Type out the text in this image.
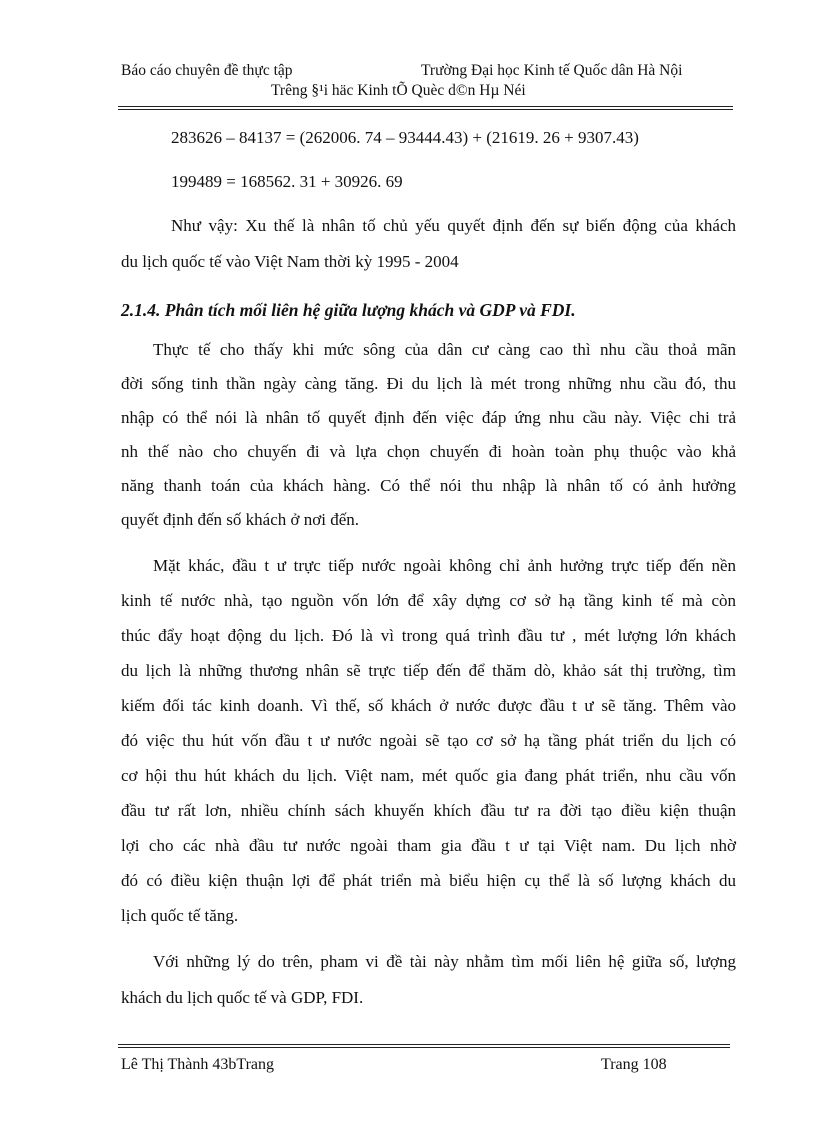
Báo cáo chuyên đề thực tập	Trường Đại học Kinh tế Quốc dân Hà Nội
Trêng §¹i häc Kinh tÕ Quèc d©n Hµ Néi
283626 – 84137 = (262006. 74 – 93444.43) + (21619. 26 + 9307.43)
199489 = 168562. 31 + 30926. 69
Như vậy: Xu thế là nhân tố chủ yếu quyết định đến sự biến động của khách
du lịch quốc tế vào Việt Nam thời kỳ 1995 - 2004
2.1.4. Phân tích mối liên hệ giữa lượng khách và GDP và FDI.
Thực tế cho thấy khi mức sông của dân cư càng cao thì nhu cầu thoả mãn
đời sống tinh thần ngày càng tăng. Đi du lịch là mét trong những nhu cầu đó, thu
nhập có thể nói là nhân tố quyết định đến việc đáp ứng nhu cầu này. Việc chi trả
nh thế nào cho chuyến đi và lựa chọn chuyến đi hoàn toàn phụ thuộc vào khả
năng thanh toán của khách hàng. Có thể nói thu nhập là nhân tố có ảnh hưởng
quyết định đến số khách ở nơi đến.
Mặt khác, đầu t ư trực tiếp nước ngoài không chỉ ảnh hưởng trực tiếp đến nền
kinh tế nước nhà, tạo nguồn vốn lớn để xây dựng cơ sở hạ tầng kinh tế mà còn
thúc đẩy hoạt động du lịch. Đó là vì trong quá trình đầu tư , mét lượng lớn khách
du lịch là những thương nhân sẽ trực tiếp đến để thăm dò, khảo sát thị trường, tìm
kiếm đối tác kinh doanh. Vì thế, số khách ở nước được đầu t ư sẽ tăng. Thêm vào
đó việc thu hút vốn đầu t ư nước ngoài sẽ tạo cơ sở hạ tầng phát triển du lịch có
cơ hội thu hút khách du lịch. Việt nam, mét quốc gia đang phát triển, nhu cầu vốn
đầu tư rất lơn, nhiều chính sách khuyến khích đầu tư ra đời tạo điều kiện thuận
lợi cho các nhà đầu tư nước ngoài tham gia đầu t ư tại Việt nam. Du lịch nhờ
đó có điều kiện thuận lợi để phát triển mà biểu hiện cụ thể là số lượng khách du
lịch quốc tế tăng.
Với những lý do trên, pham vi đề tài này nhằm tìm mối liên hệ giữa số, lượng
khách du lịch quốc tế và GDP, FDI.
Lê Thị Thành 43bTrang	Trang 108
